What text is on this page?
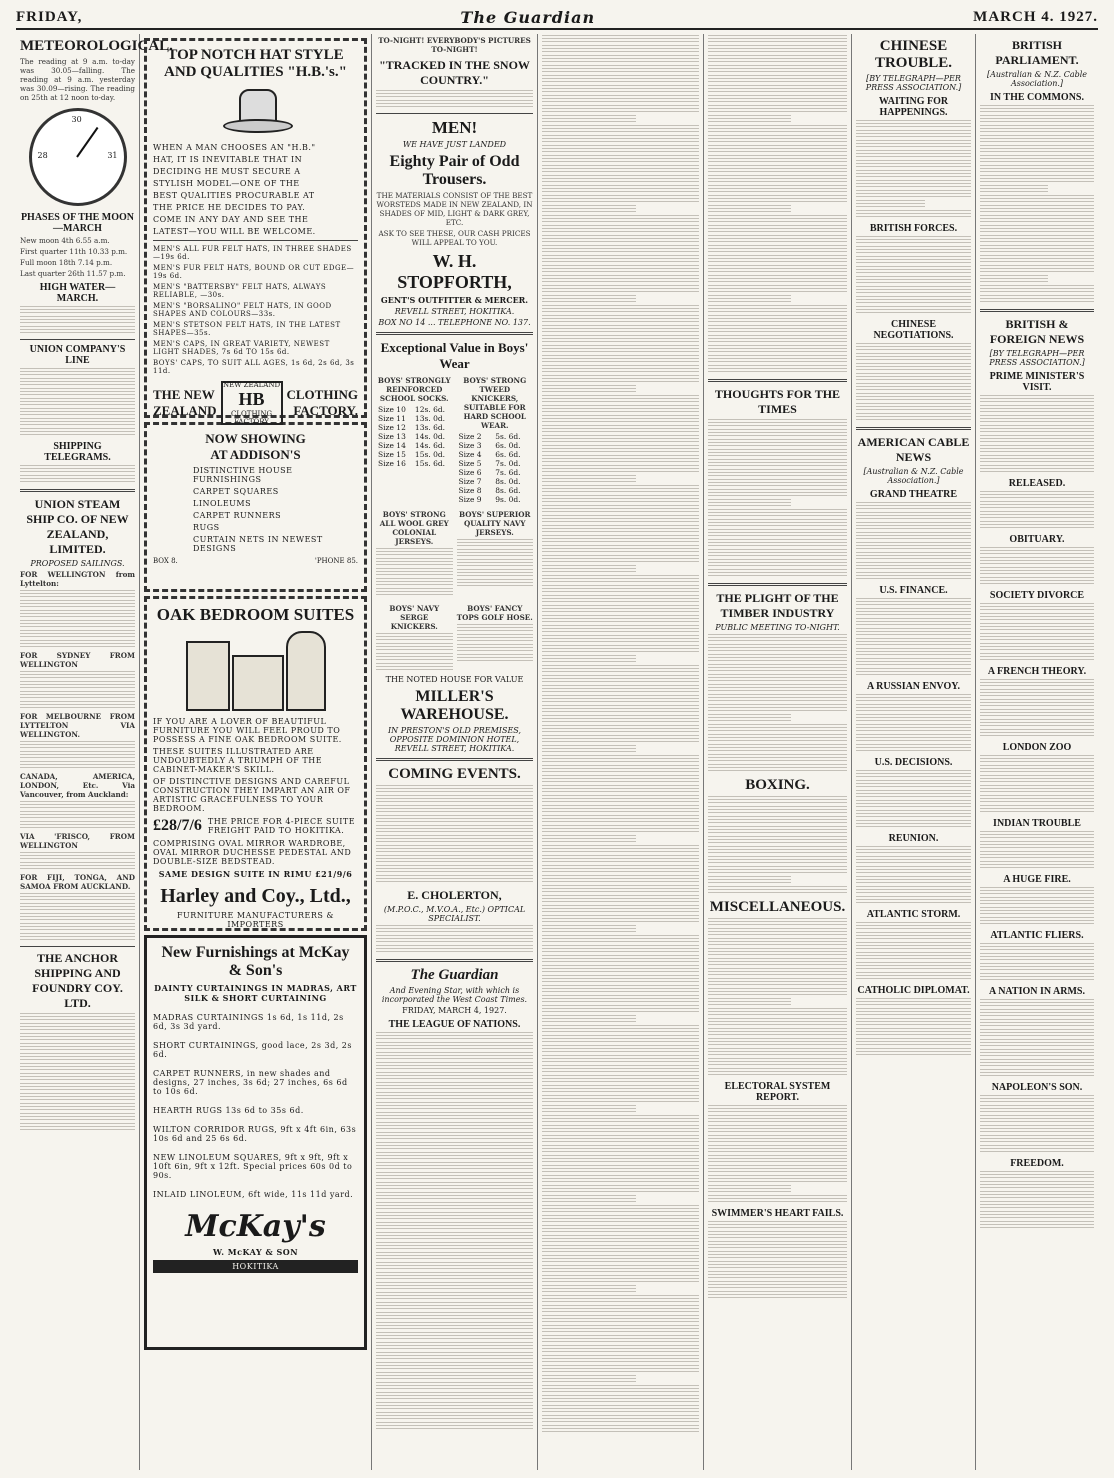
FRIDAY,	The Guardian	MARCH 4. 1927.
METEOROLOGICAL.
The reading at 9 a.m. to-day was 30.05—falling. The reading at 9 a.m. yesterday was 30.09—rising. The reading on 25th at 12 noon to-day.
28
30
31
PHASES OF THE MOON—MARCH
New moon 4th 6.55 a.m.
First quarter 11th 10.33 p.m.
Full moon 18th 7.14 p.m.
Last quarter 26th 11.57 p.m.
HIGH WATER—MARCH.
UNION COMPANY'S LINE
SHIPPING TELEGRAMS.
UNION STEAM SHIP CO. OF NEW ZEALAND, LIMITED.
PROPOSED SAILINGS.
FOR WELLINGTON from Lyttelton:
FOR SYDNEY FROM WELLINGTON
FOR MELBOURNE FROM LYTTELTON VIA WELLINGTON.
CANADA, AMERICA, LONDON, Etc. Via Vancouver, from Auckland:
VIA 'FRISCO, FROM WELLINGTON
FOR FIJI, TONGA, AND SAMOA FROM AUCKLAND.
THE ANCHOR SHIPPING AND FOUNDRY COY. LTD.
TOP NOTCH HAT STYLE AND QUALITIES "H.B.'s."
WHEN A MAN CHOOSES AN "H.B."
HAT, IT IS INEVITABLE THAT IN
DECIDING HE MUST SECURE A
STYLISH MODEL—ONE OF THE
BEST QUALITIES PROCURABLE AT
THE PRICE HE DECIDES TO PAY.
COME IN ANY DAY AND SEE THE
LATEST—YOU WILL BE WELCOME.
MEN'S ALL FUR FELT HATS, IN THREE SHADES—19s 6d.
MEN'S FUR FELT HATS, BOUND OR CUT EDGE—19s 6d.
MEN'S "BATTERSBY" FELT HATS, ALWAYS RELIABLE, —30s.
MEN'S "BORSALINO" FELT HATS, IN GOOD SHAPES AND COLOURS—33s.
MEN'S STETSON FELT HATS, IN THE LATEST SHAPES—35s.
MEN'S CAPS, IN GREAT VARIETY, NEWEST LIGHT SHADES, 7s 6d TO 15s 6d.
BOYS' CAPS, TO SUIT ALL AGES, 1s 6d, 2s 6d, 3s 11d.
THE NEW
ZEALAND
NEW ZEALAND
HB
CLOTHING FACTORY
CLOTHING
FACTORY.
NOW SHOWING
AT ADDISON'S
DISTINCTIVE HOUSE FURNISHINGS
CARPET SQUARES
LINOLEUMS
CARPET RUNNERS
RUGS
CURTAIN NETS IN NEWEST DESIGNS
BOX 8.	'PHONE 85.
OAK BEDROOM SUITES
IF YOU ARE A LOVER OF BEAUTIFUL FURNITURE YOU WILL FEEL PROUD TO POSSESS A FINE OAK BEDROOM SUITE.
THESE SUITES ILLUSTRATED ARE UNDOUBTEDLY A TRIUMPH OF THE CABINET-MAKER'S SKILL.
OF DISTINCTIVE DESIGNS AND CAREFUL CONSTRUCTION THEY IMPART AN AIR OF ARTISTIC GRACEFULNESS TO YOUR BEDROOM.
£28/7/6 THE PRICE FOR 4-PIECE SUITE FREIGHT PAID TO HOKITIKA.
COMPRISING OVAL MIRROR WARDROBE, OVAL MIRROR DUCHESSE PEDESTAL AND DOUBLE-SIZE BEDSTEAD.
SAME DESIGN SUITE IN RIMU £21/9/6
Harley and Coy., Ltd.,
FURNITURE MANUFACTURERS & IMPORTERS
New Furnishings at McKay & Son's
DAINTY CURTAININGS IN MADRAS, ART SILK & SHORT CURTAINING
MADRAS CURTAININGS 1s 6d, 1s 11d, 2s 6d, 3s 3d yard.
SHORT CURTAININGS, good lace, 2s 3d, 2s 6d.
CARPET RUNNERS, in new shades and designs, 27 inches, 3s 6d; 27 inches, 6s 6d to 10s 6d.
HEARTH RUGS 13s 6d to 35s 6d.
WILTON CORRIDOR RUGS, 9ft x 4ft 6in, 63s 10s 6d and 25 6s 6d.
NEW LINOLEUM SQUARES, 9ft x 9ft, 9ft x 10ft 6in, 9ft x 12ft. Special prices 60s 0d to 90s.
INLAID LINOLEUM, 6ft wide, 11s 11d yard.
McKay's
W. McKAY & SON
HOKITIKA
TO-NIGHT! EVERYBODY'S PICTURES TO-NIGHT!
"TRACKED IN THE SNOW COUNTRY."
MEN!
WE HAVE JUST LANDED
Eighty Pair of Odd Trousers.
THE MATERIALS CONSIST OF THE BEST WORSTEDS MADE IN NEW ZEALAND, IN SHADES OF MID, LIGHT & DARK GREY, ETC.
ASK TO SEE THESE, OUR CASH PRICES WILL APPEAL TO YOU.
W. H. STOPFORTH,
GENT'S OUTFITTER & MERCER.
REVELL STREET, HOKITIKA.
BOX NO 14 ... TELEPHONE NO. 137.
Exceptional Value in Boys' Wear
BOYS' STRONGLY REINFORCED SCHOOL SOCKS.
Size 10	12s. 6d.
Size 11	13s. 0d.
Size 12	13s. 6d.
Size 13	14s. 0d.
Size 14	14s. 6d.
Size 15	15s. 0d.
Size 16	15s. 6d.
BOYS' STRONG TWEED KNICKERS, SUITABLE FOR HARD SCHOOL WEAR.
Size 2	5s. 6d.
Size 3	6s. 0d.
Size 4	6s. 6d.
Size 5	7s. 0d.
Size 6	7s. 6d.
Size 7	8s. 0d.
Size 8	8s. 6d.
Size 9	9s. 0d.
BOYS' STRONG ALL WOOL GREY COLONIAL JERSEYS.
BOYS' SUPERIOR QUALITY NAVY JERSEYS.
BOYS' NAVY SERGE KNICKERS.
BOYS' FANCY TOPS GOLF HOSE.
THE NOTED HOUSE FOR VALUE
MILLER'S WAREHOUSE.
IN PRESTON'S OLD PREMISES, OPPOSITE DOMINION HOTEL, REVELL STREET, HOKITIKA.
COMING EVENTS.
E. CHOLERTON,
(M.P.O.C., M.V.O.A., Etc.) OPTICAL SPECIALIST.
The Guardian
And Evening Star, with which is incorporated the West Coast Times.
FRIDAY, MARCH 4, 1927.
THE LEAGUE OF NATIONS.
THOUGHTS FOR THE TIMES
THE PLIGHT OF THE TIMBER INDUSTRY
PUBLIC MEETING TO-NIGHT.
BOXING.
MISCELLANEOUS.
ELECTORAL SYSTEM REPORT.
SWIMMER'S HEART FAILS.
CHINESE TROUBLE.
[BY TELEGRAPH—PER PRESS ASSOCIATION.]
WAITING FOR HAPPENINGS.
BRITISH FORCES.
CHINESE NEGOTIATIONS.
AMERICAN CABLE NEWS
[Australian & N.Z. Cable Association.]
GRAND THEATRE
U.S. FINANCE.
A RUSSIAN ENVOY.
U.S. DECISIONS.
REUNION.
ATLANTIC STORM.
CATHOLIC DIPLOMAT.
BRITISH PARLIAMENT.
[Australian & N.Z. Cable Association.]
IN THE COMMONS.
BRITISH & FOREIGN NEWS
[BY TELEGRAPH—PER PRESS ASSOCIATION.]
PRIME MINISTER'S VISIT.
RELEASED.
OBITUARY.
SOCIETY DIVORCE
A FRENCH THEORY.
LONDON ZOO
INDIAN TROUBLE
A HUGE FIRE.
ATLANTIC FLIERS.
A NATION IN ARMS.
NAPOLEON'S SON.
FREEDOM.
